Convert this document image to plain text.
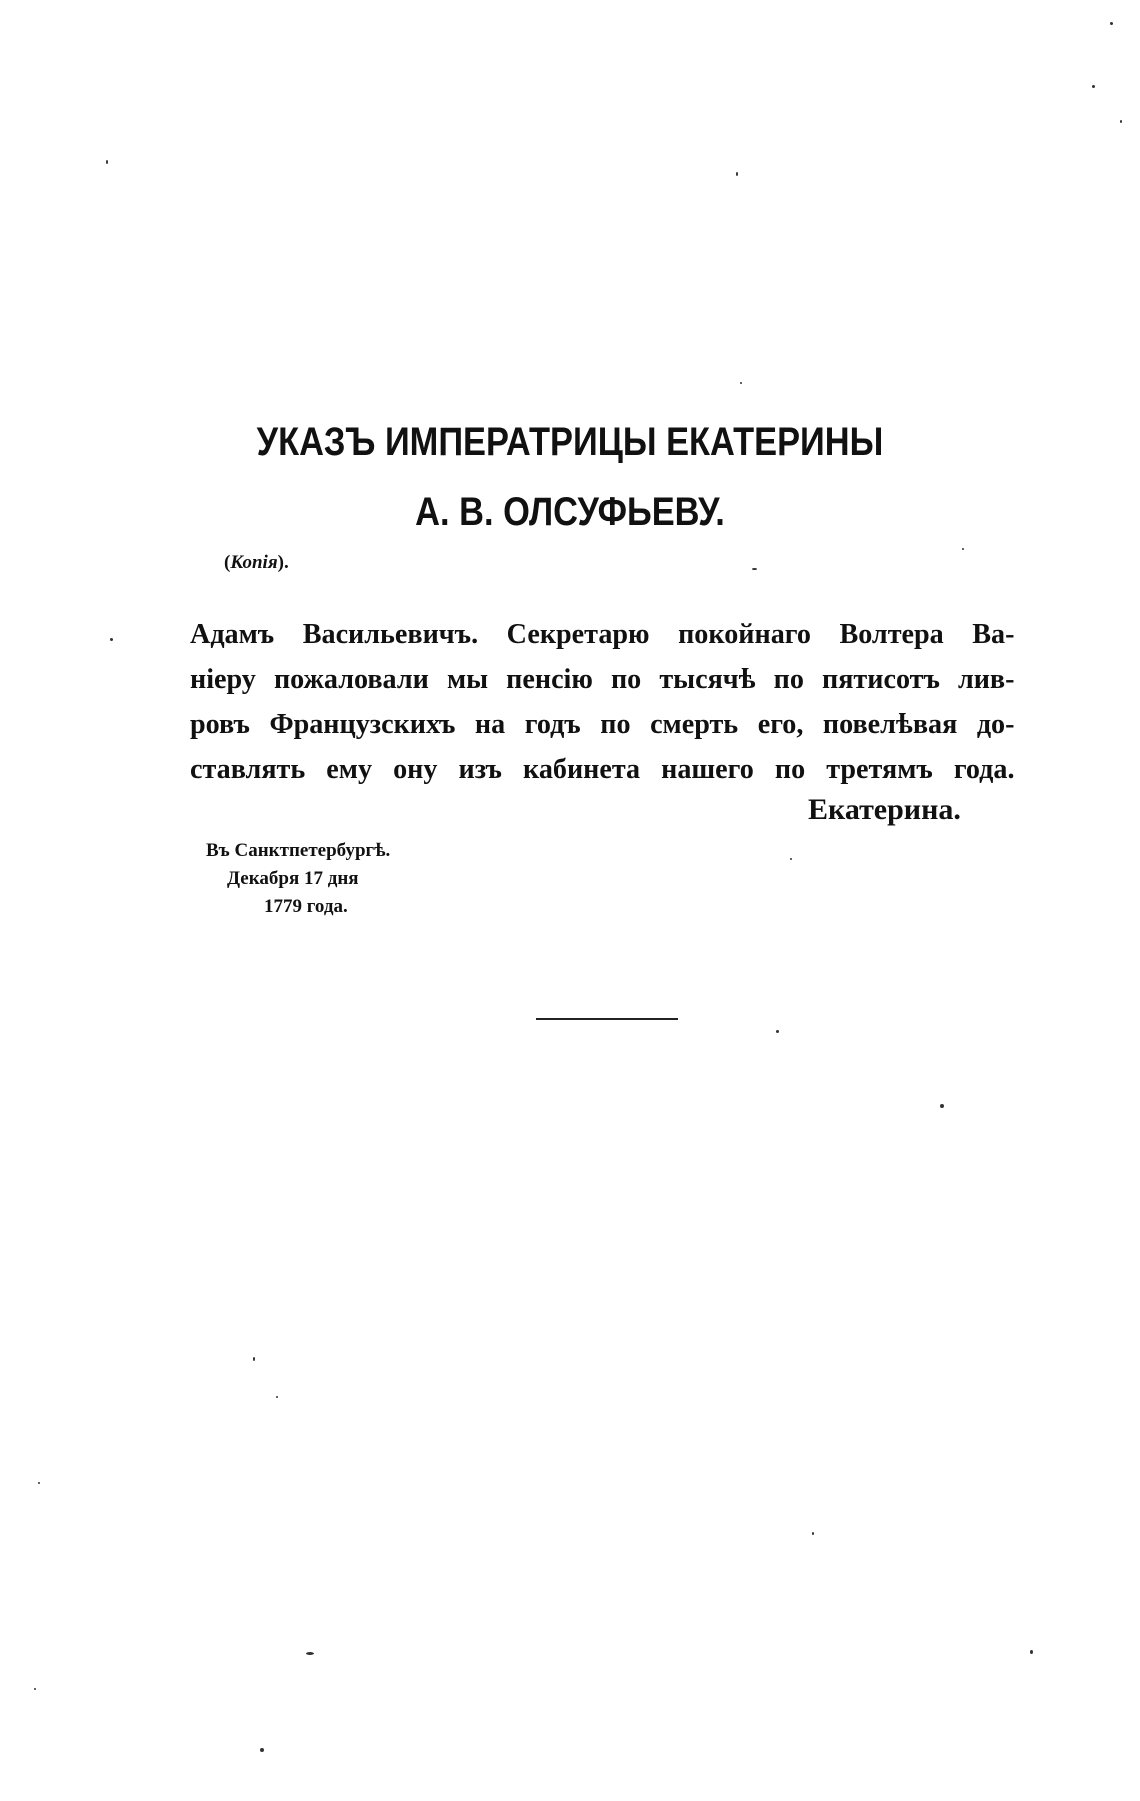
УКАЗЪ ИМПЕРАТРИЦЫ ЕКАТЕРИНЫ
А. В. ОЛСУФЬЕВУ.
(Копія).
Адамъ Васильевичъ. Секретарю покойнаго Волтера Ва-
ніеру пожаловали мы пенсію по тысячѣ по пятисотъ лив-
ровъ Французскихъ на годъ по смерть его, повелѣвая до-
ставлять ему ону изъ кабинета нашего по третямъ года.
Екатерина.
Въ Санктпетербургѣ.
Декабря 17 дня
1779 года.
